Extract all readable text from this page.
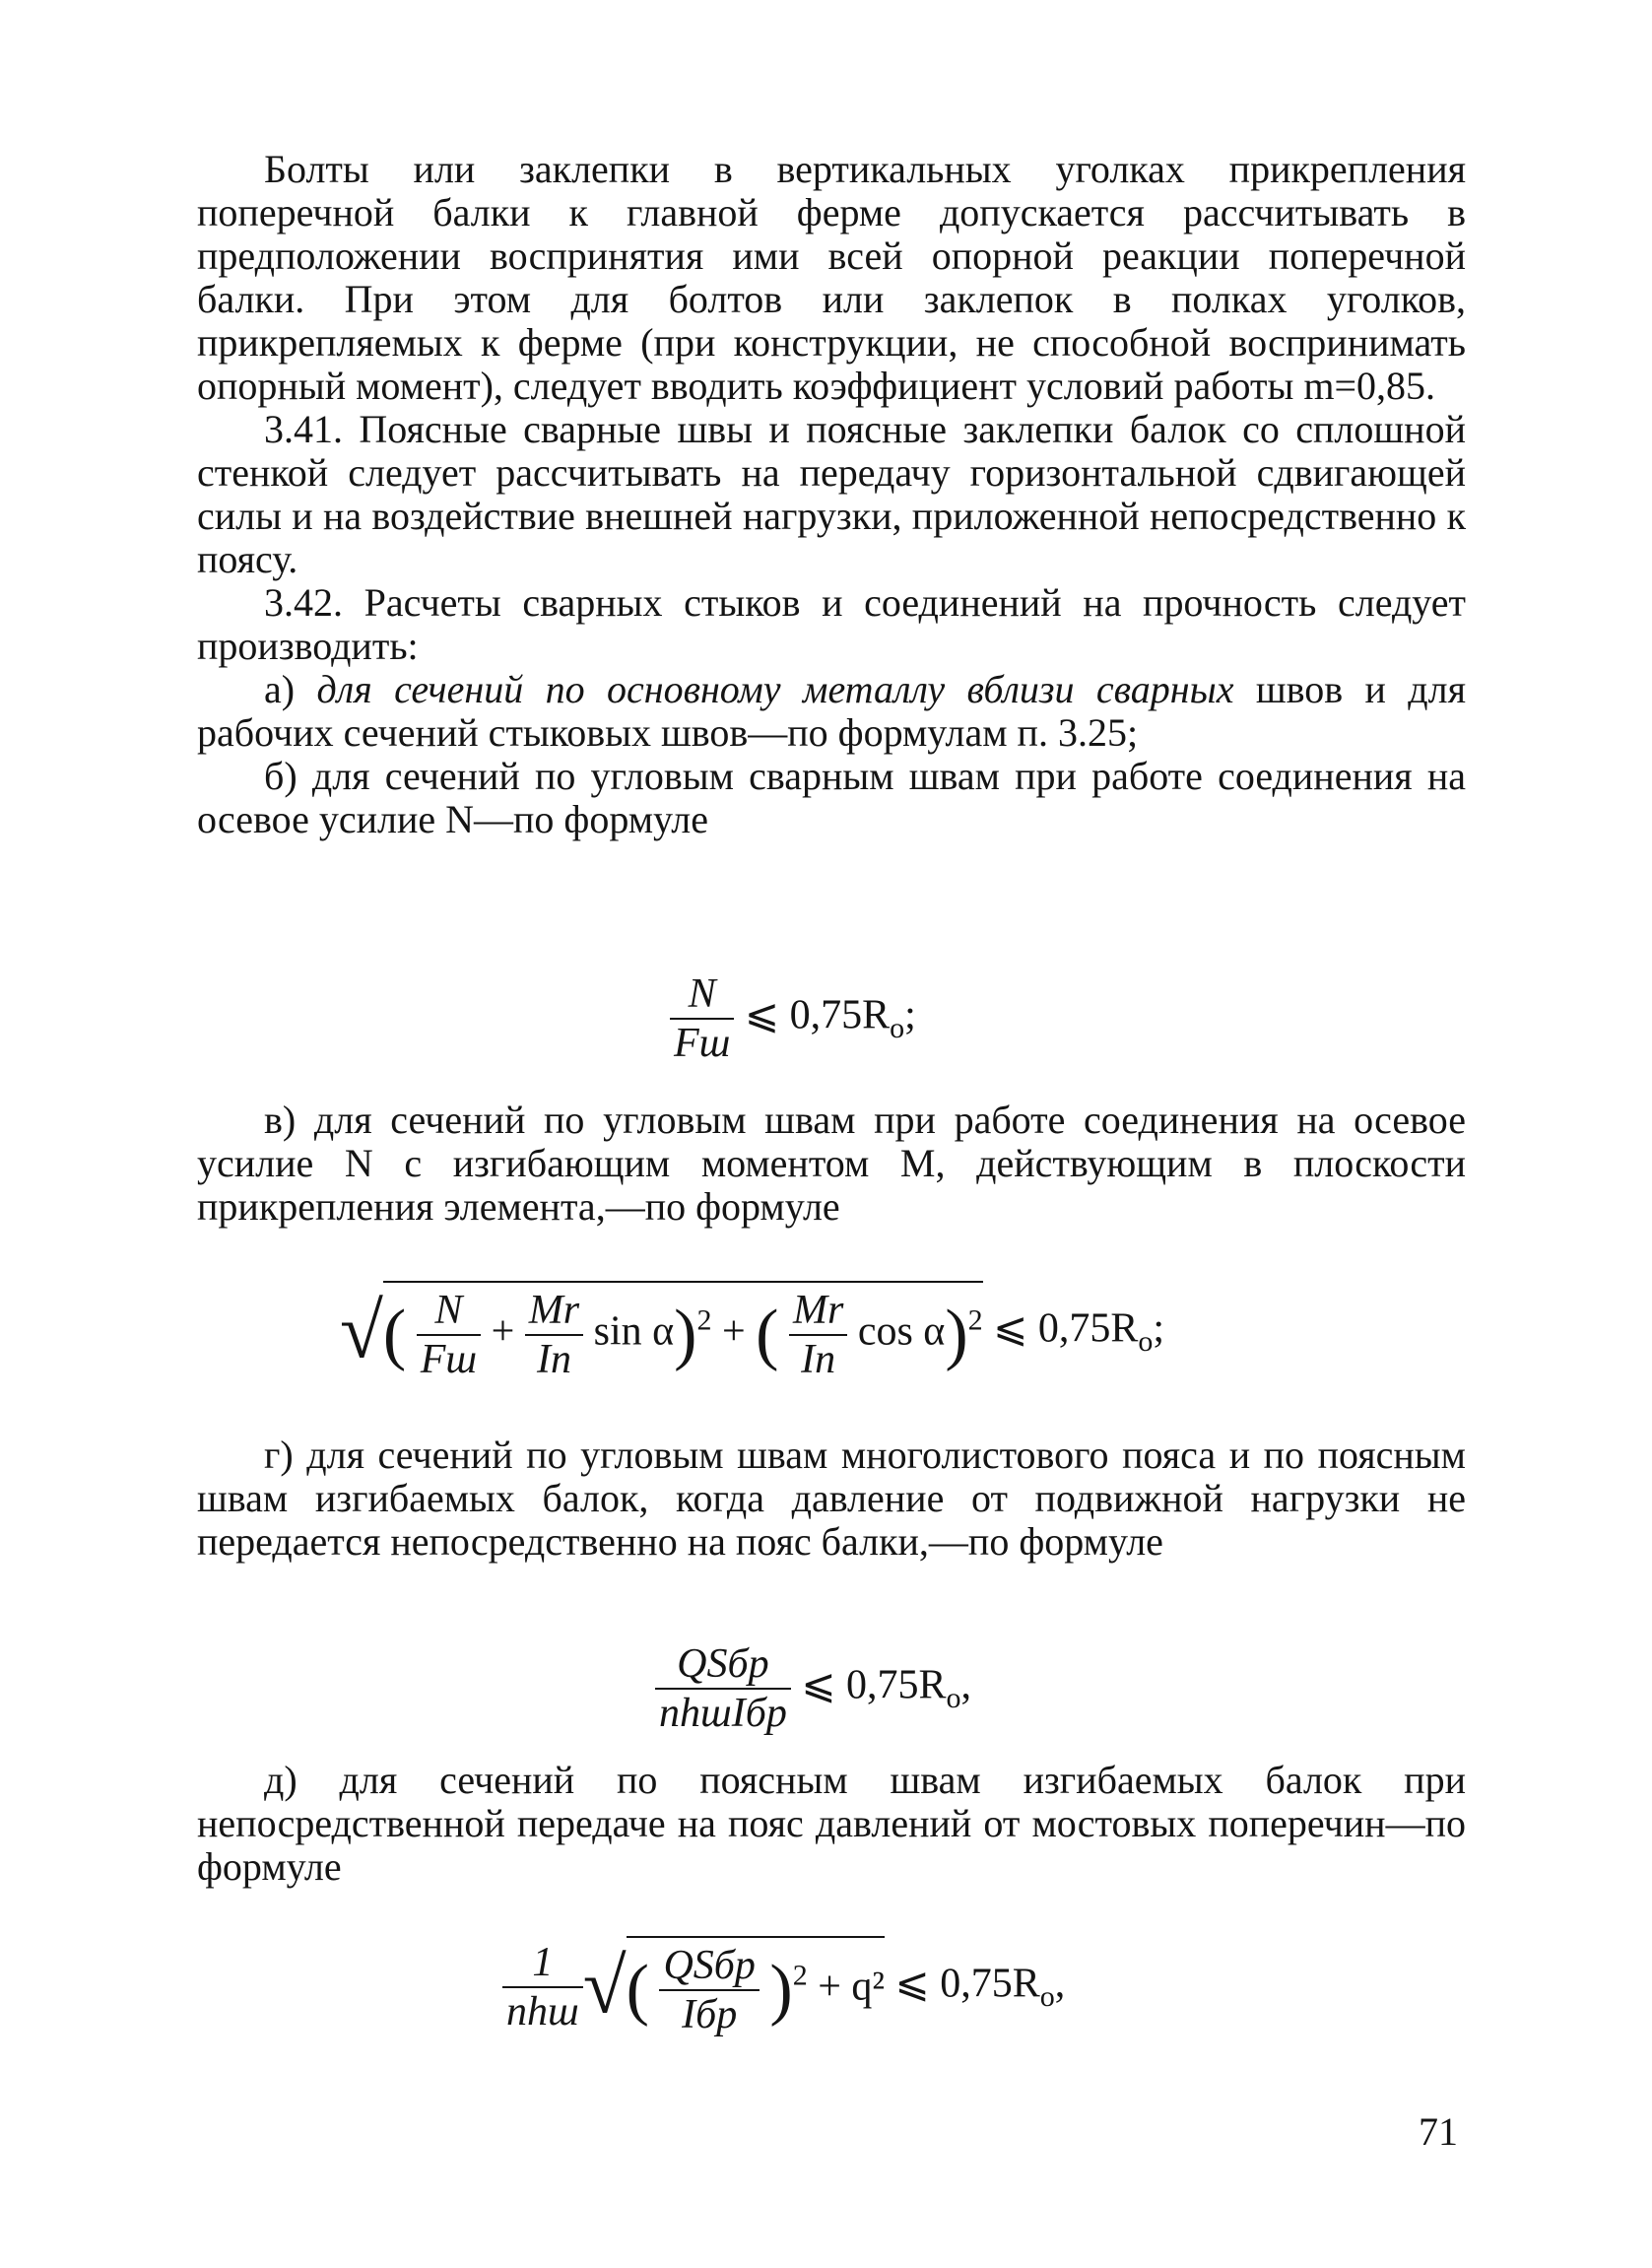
Болты или заклепки в вертикальных уголках прикрепления поперечной балки к главной ферме допускается рассчитывать в предположении воспринятия ими всей опорной реакции поперечной балки. При этом для болтов или заклепок в полках уголков, прикрепляемых к ферме (при конструкции, не способной воспринимать опорный момент), следует вводить коэффициент условий работы m=0,85.

3.41. Поясные сварные швы и поясные заклепки балок со сплошной стенкой следует рассчитывать на передачу горизонтальной сдвигающей силы и на воздействие внешней нагрузки, приложенной непосредственно к поясу.

3.42. Расчеты сварных стыков и соединений на прочность следует производить:

а) для сечений по основному металлу вблизи сварных швов и для рабочих сечений стыковых швов—по формулам п. 3.25;

б) для сечений по угловым сварным швам при работе соединения на осевое усилие N—по формуле

$\frac{N}{Fш}$ ⩽ $0,75R_о$;

в) для сечений по угловым швам при работе соединения на осевое усилие N с изгибающим моментом М, действующим в плоскости прикрепления элемента,—по формуле

√( $\frac{N}{Fш} + \frac{Mr}{Iп}$ sin α)$^2$ + ( $\frac{Mr}{Iп}$ cos α)$^2$ ⩽ $0,75R_о$;

г) для сечений по угловым швам многолистового пояса и по поясным швам изгибаемых балок, когда давление от подвижной нагрузки не передается непосредственно на пояс балки,—по формуле

$\frac{\text{QSбр}}{\text{nhшIбр}}$ ⩽ $0,75R_о$,

д) для сечений по поясным швам изгибаемых балок при непосредственной передаче на пояс давлений от мостовых поперечин—по формуле

$\frac{1}{\text{nhш}}$ √( $\frac{\text{QSбр}}{\text{Iбр}} )^2 + q^2$ ⩽ $0,75R_о$,
71
